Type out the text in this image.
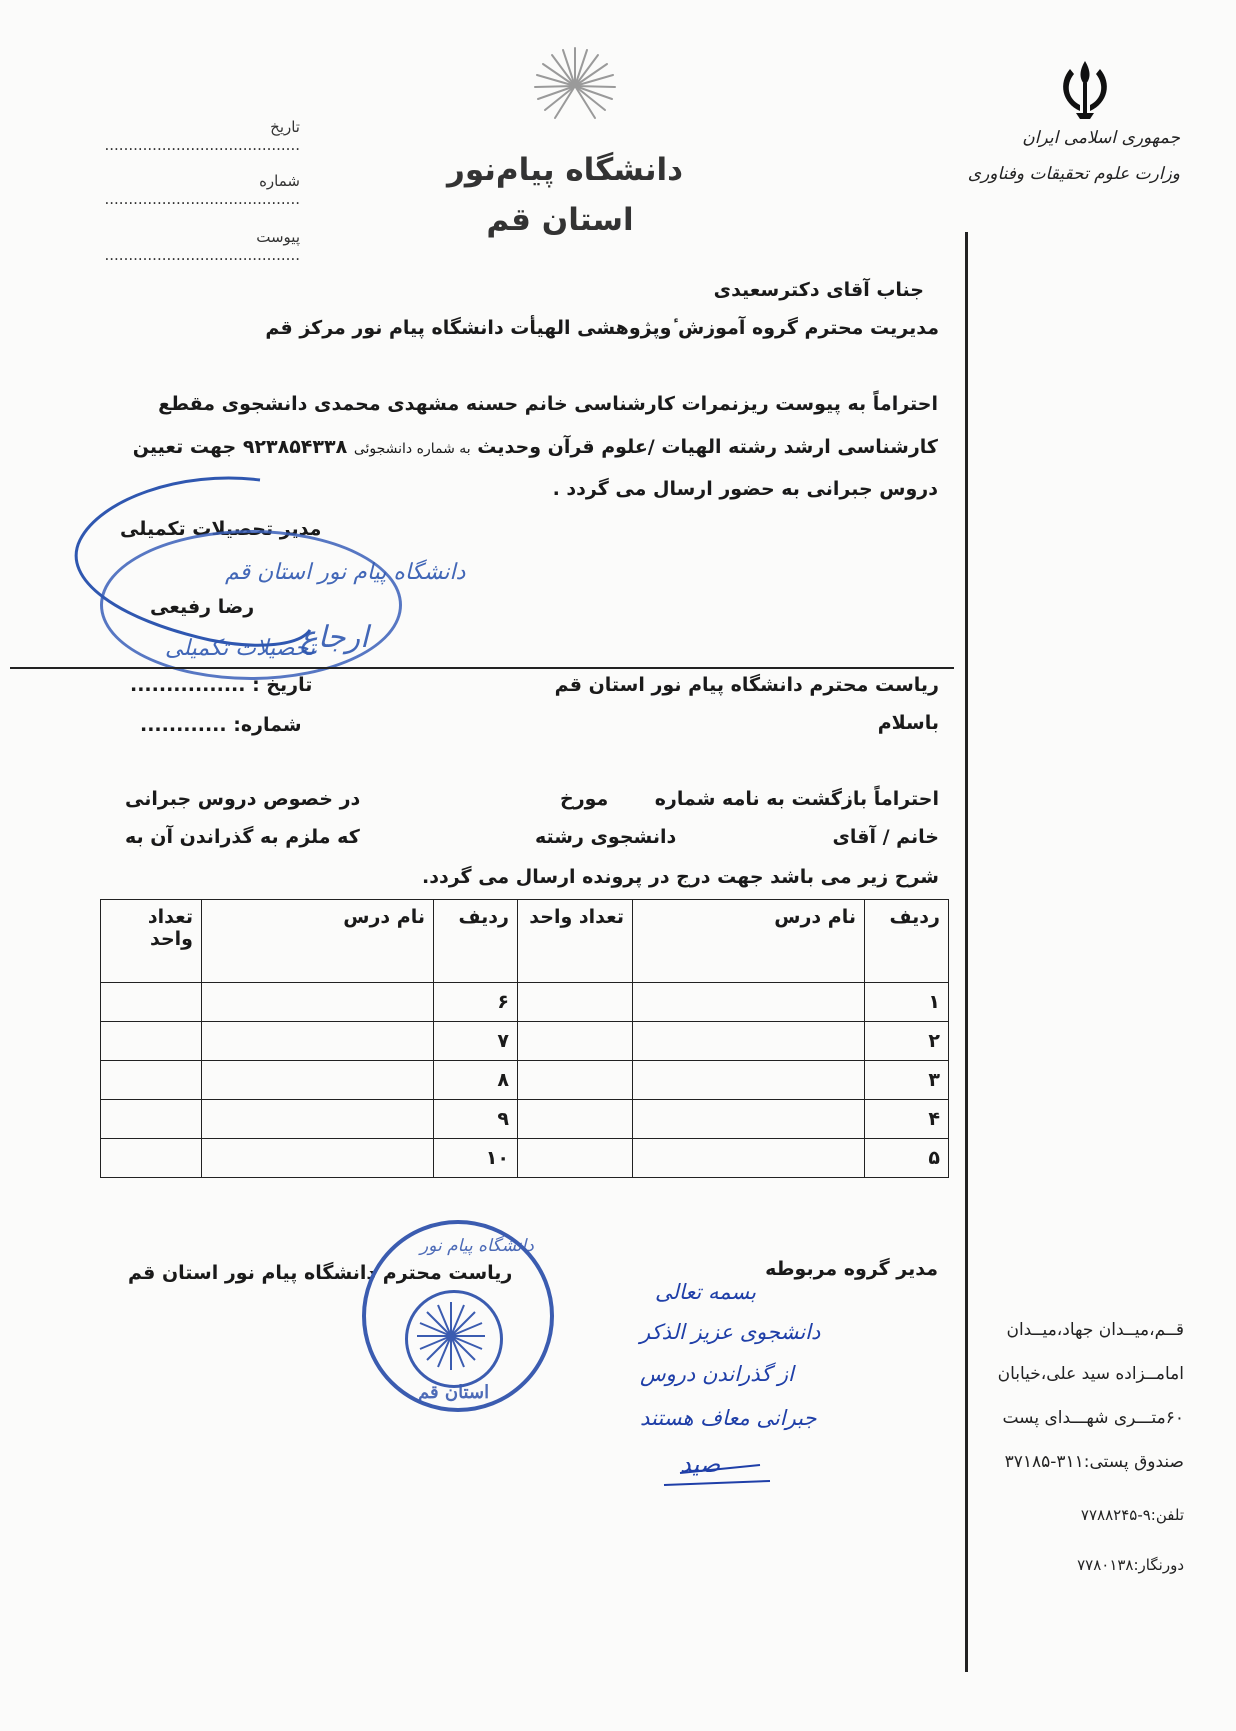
جمهوری اسلامی ایران
وزارت علوم تحقیقات وفناوری
دانشگاه پیام‌نور
استان قم
تاریخ.........................................
شماره.........................................
پیوست.........................................
جناب آقای دکترسعیدی
مدیریت محترم گروه آموزش ٔوپژوهشی الهیأت دانشگاه پیام نور مرکز قم
احتراماً به پیوست ریزنمرات کارشناسی خانم حسنه مشهدی محمدی دانشجوی مقطع
کارشناسی ارشد رشته الهیات /علوم قرآن وحدیث به شماره دانشجوئی ۹۲۳۸۵۴۳۳۸ جهت تعیین
دروس جبرانی به حضور ارسال می گردد .
مدیر تحصیلات تکمیلی
رضا رفیعی
دانشگاه پیام نور استان قم
تحصیلات تکمیلی
ارجاع
تاریخ : ................
شماره: ............
ریاست محترم دانشگاه پیام نور استان قم
باسلام
احتراماً بازگشت به نامه شماره
مورخ
در خصوص دروس جبرانی
خانم / آقای
دانشجوی رشته
که ملزم به گذراندن آن به
شرح زیر می باشد جهت درج در پرونده ارسال می گردد.
ردیف	نام درس	تعداد واحد	ردیف	نام درس	تعداد واحد
۱			۶		
۲			۷		
۳			۸		
۴			۹		
۵			۱۰		
مدیر گروه مربوطه
ریاست محترم دانشگاه پیام نور استان قم
دانشگاه پیام نور
استان قم
بسمه تعالی
دانشجوی عزیز الذکر
از گذراندن دروس
جبرانی معاف هستند
صید
قــم،میــدان جهاد،میــدان
امامــزاده سید علی،خیابان
۶۰متـــری شهـــدای پست
صندوق پستی:۳۱۱-۳۷۱۸۵
تلفن:۹-۷۷۸۸۲۴۵
دورنگار:۷۷۸۰۱۳۸
